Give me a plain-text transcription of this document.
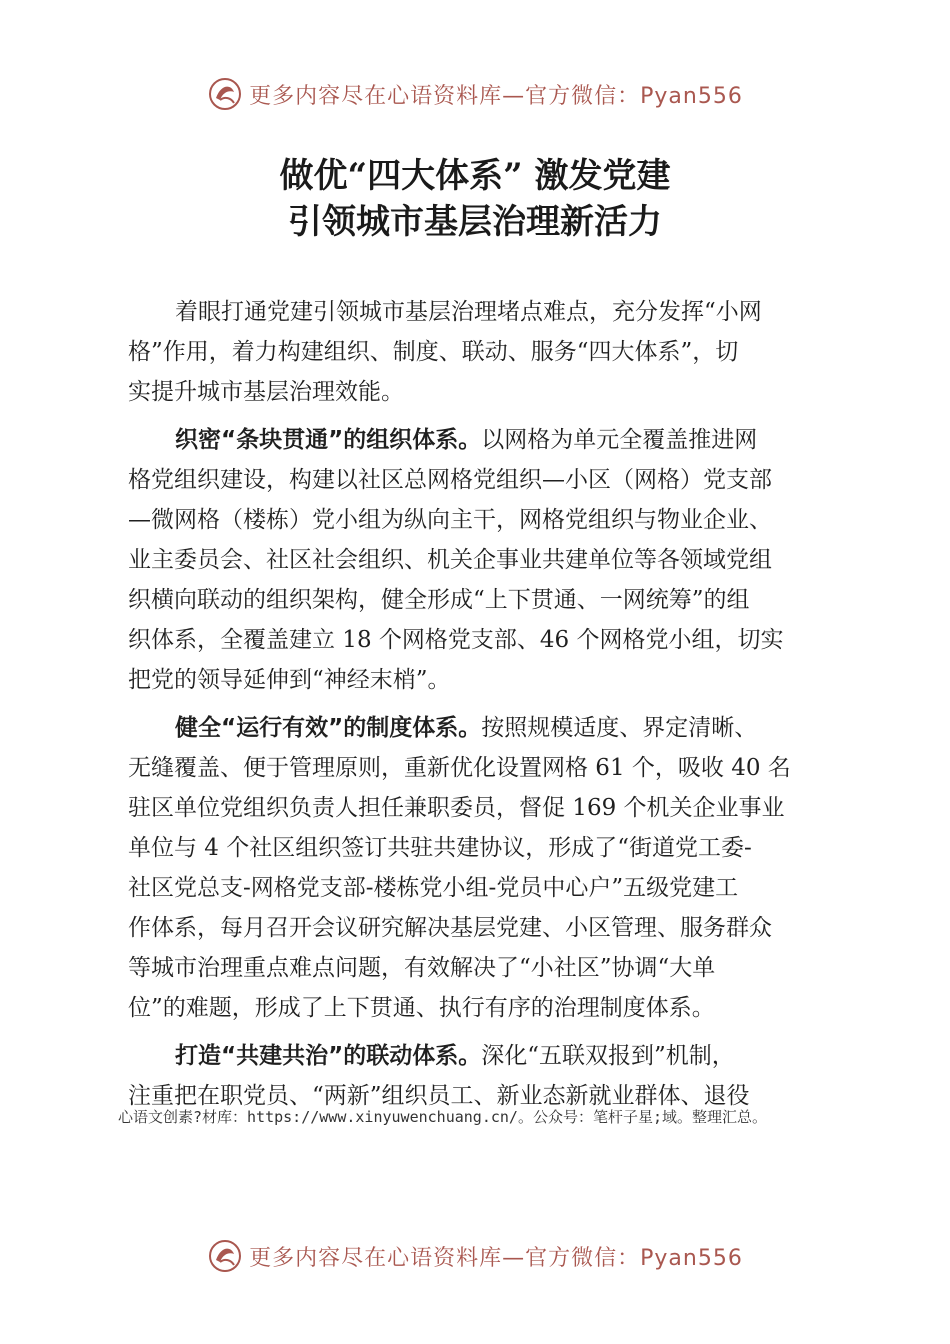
更多内容尽在心语资料库—官方微信：Pyan556
做优“四大体系” 激发党建
引领城市基层治理新活力
着眼打通党建引领城市基层治理堵点难点，充分发挥“小网
格”作用，着力构建组织、制度、联动、服务“四大体系”，切
实提升城市基层治理效能。
织密“条块贯通”的组织体系。以网格为单元全覆盖推进网
格党组织建设，构建以社区总网格党组织—小区（网格）党支部
—微网格（楼栋）党小组为纵向主干，网格党组织与物业企业、
业主委员会、社区社会组织、机关企事业共建单位等各领域党组
织横向联动的组织架构，健全形成“上下贯通、一网统筹”的组
织体系，全覆盖建立 18 个网格党支部、46 个网格党小组，切实
把党的领导延伸到“神经末梢”。
健全“运行有效”的制度体系。按照规模适度、界定清晰、
无缝覆盖、便于管理原则，重新优化设置网格 61 个，吸收 40 名
驻区单位党组织负责人担任兼职委员，督促 169 个机关企业事业
单位与 4 个社区组织签订共驻共建协议，形成了“街道党工委-
社区党总支-网格党支部-楼栋党小组-党员中心户”五级党建工
作体系，每月召开会议研究解决基层党建、小区管理、服务群众
等城市治理重点难点问题，有效解决了“小社区”协调“大单
位”的难题，形成了上下贯通、执行有序的治理制度体系。
打造“共建共治”的联动体系。深化“五联双报到”机制，
注重把在职党员、“两新”组织员工、新业态新就业群体、退役
心语文创素?材库：https://www.xinyuwenchuang.cn/。公众号：笔杆子星;域。整理汇总。
更多内容尽在心语资料库—官方微信：Pyan556
